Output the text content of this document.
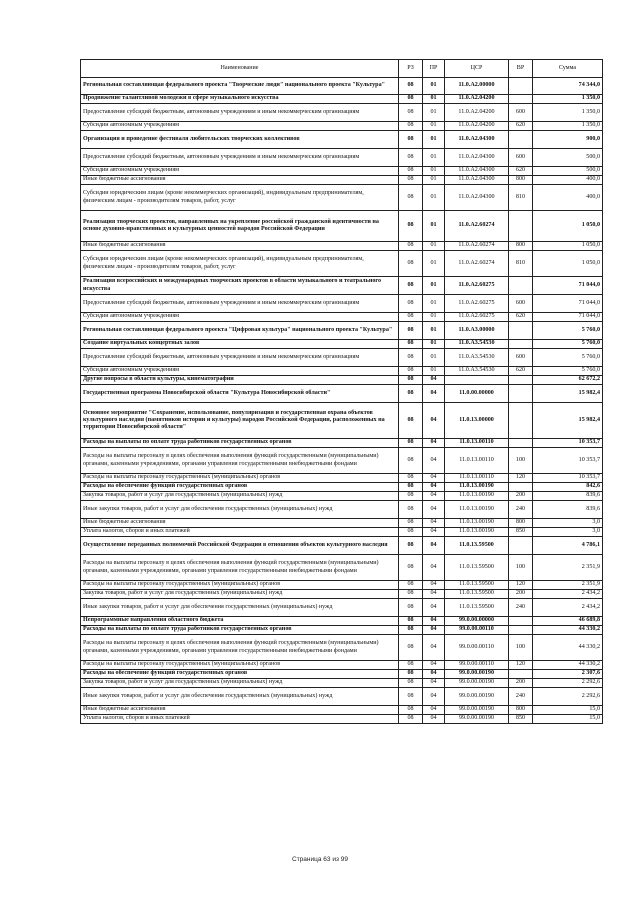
Наименование	РЗ	ПР	ЦСР	ВР	Сумма
Региональная составляющая федерального проекта "Творческие люди" национального проекта "Культура"	08	01	11.0.A2.00000		74 344,0
Продвижение талантливой молодежи в сфере музыкального искусства	08	01	11.0.A2.04200		1 350,0
Предоставление субсидий бюджетным, автономным учреждениям и иным некоммерческим организациям	08	01	11.0.A2.04200	600	1 350,0
Субсидии автономным учреждениям	08	01	11.0.A2.04200	620	1 350,0
Организация и проведение фестиваля любительских творческих коллективов	08	01	11.0.A2.04300		900,0
Предоставление субсидий бюджетным, автономным учреждениям и иным некоммерческим организациям	08	01	11.0.A2.04300	600	500,0
Субсидии автономным учреждениям	08	01	11.0.A2.04300	620	500,0
Иные бюджетные ассигнования	08	01	11.0.A2.04300	800	400,0
Субсидии юридическим лицам (кроме некоммерческих организаций), индивидуальным предпринимателям, физическим лицам - производителям товаров, работ, услуг	08	01	11.0.A2.04300	810	400,0
Реализация творческих проектов, направленных на укрепление российской гражданской идентичности на основе духовно-нравственных и культурных ценностей народов Российской Федерации	08	01	11.0.A2.60274		1 050,0
Иные бюджетные ассигнования	08	01	11.0.A2.60274	800	1 050,0
Субсидии юридическим лицам (кроме некоммерческих организаций), индивидуальным предпринимателям, физическим лицам - производителям товаров, работ, услуг	08	01	11.0.A2.60274	810	1 050,0
Реализация всероссийских и международных творческих проектов в области музыкального и театрального искусства	08	01	11.0.A2.60275		71 044,0
Предоставление субсидий бюджетным, автономным учреждениям и иным некоммерческим организациям	08	01	11.0.A2.60275	600	71 044,0
Субсидии автономным учреждениям	08	01	11.0.A2.60275	620	71 044,0
Региональная составляющая федерального проекта "Цифровая культура" национального проекта "Культура"	08	01	11.0.A3.00000		5 760,0
Создание виртуальных концертных залов	08	01	11.0.A3.54530		5 760,0
Предоставление субсидий бюджетным, автономным учреждениям и иным некоммерческим организациям	08	01	11.0.A3.54530	600	5 760,0
Субсидии автономным учреждениям	08	01	11.0.A3.54530	620	5 760,0
Другие вопросы в области культуры, кинематографии	08	04			62 672,2
Государственная программа Новосибирской области "Культура Новосибирской области"	08	04	11.0.00.00000		15 982,4
Основное мероприятие "Сохранение, использование, популяризация и государственная охрана объектов культурного наследия (памятников истории и культуры) народов Российской Федерации, расположенных на территории Новосибирской области"	08	04	11.0.13.00000		15 982,4
Расходы на выплаты по оплате труда работников государственных органов	08	04	11.0.13.00110		10 353,7
Расходы на выплаты персоналу в целях обеспечения выполнения функций государственными (муниципальными) органами, казенными учреждениями, органами управления государственными внебюджетными фондами	08	04	11.0.13.00110	100	10 353,7
Расходы на выплаты персоналу государственных (муниципальных) органов	08	04	11.0.13.00110	120	10 353,7
Расходы на обеспечение функций государственных органов	08	04	11.0.13.00190		842,6
Закупка товаров, работ и услуг для государственных (муниципальных) нужд	08	04	11.0.13.00190	200	839,6
Иные закупки товаров, работ и услуг для обеспечения государственных (муниципальных) нужд	08	04	11.0.13.00190	240	839,6
Иные бюджетные ассигнования	08	04	11.0.13.00190	800	3,0
Уплата налогов, сборов и иных платежей	08	04	11.0.13.00190	850	3,0
Осуществление переданных полномочий Российской Федерации в отношении объектов культурного наследия	08	04	11.0.13.59500		4 786,1
Расходы на выплаты персоналу в целях обеспечения выполнения функций государственными (муниципальными) органами, казенными учреждениями, органами управления государственными внебюджетными фондами	08	04	11.0.13.59500	100	2 351,9
Расходы на выплаты персоналу государственных (муниципальных) органов	08	04	11.0.13.59500	120	2 351,9
Закупка товаров, работ и услуг для государственных (муниципальных) нужд	08	04	11.0.13.59500	200	2 434,2
Иные закупки товаров, работ и услуг для обеспечения государственных (муниципальных) нужд	08	04	11.0.13.59500	240	2 434,2
Непрограммные направления областного бюджета	08	04	99.0.00.00000		46 689,8
Расходы на выплаты по оплате труда работников государственных органов	08	04	99.0.00.00110		44 330,2
Расходы на выплаты персоналу в целях обеспечения выполнения функций государственными (муниципальными) органами, казенными учреждениями, органами управления государственными внебюджетными фондами	08	04	99.0.00.00110	100	44 330,2
Расходы на выплаты персоналу государственных (муниципальных) органов	08	04	99.0.00.00110	120	44 330,2
Расходы на обеспечение функций государственных органов	08	04	99.0.00.00190		2 307,6
Закупка товаров, работ и услуг для государственных (муниципальных) нужд	08	04	99.0.00.00190	200	2 292,6
Иные закупки товаров, работ и услуг для обеспечения государственных (муниципальных) нужд	08	04	99.0.00.00190	240	2 292,6
Иные бюджетные ассигнования	08	04	99.0.00.00190	800	15,0
Уплата налогов, сборов и иных платежей	08	04	99.0.00.00190	850	15,0
Страница 63 из 99
